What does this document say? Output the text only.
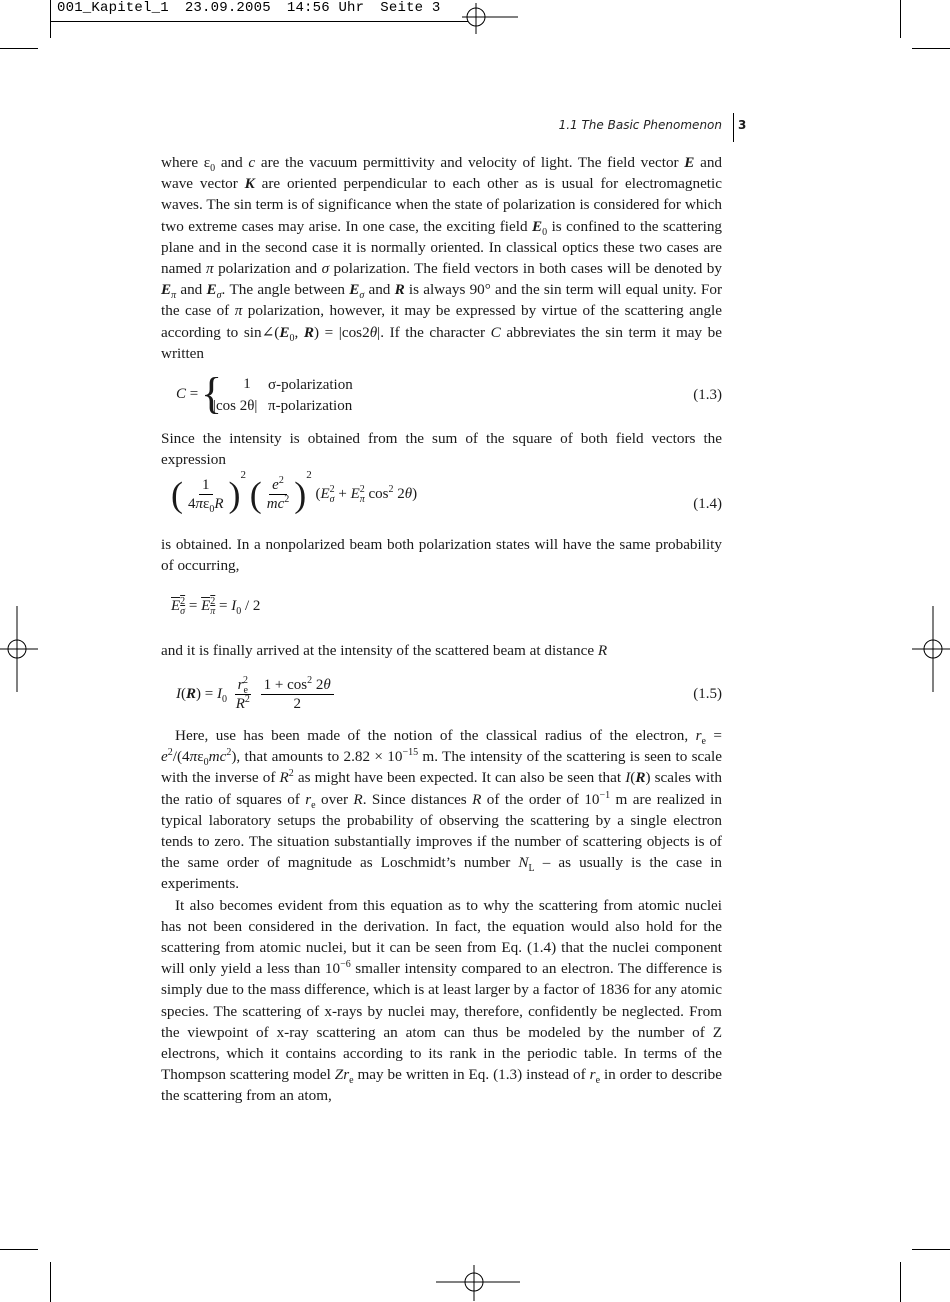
001_Kapitel_1 23.09.2005 14:56 Uhr Seite 3
1.1 The Basic Phenomenon 3
where $\varepsilon_0$ and c are the vacuum permittivity and velocity of light. The field vector E and wave vector K are oriented perpendicular to each other as is usual for electromagnetic waves. The sin term is of significance when the state of polarization is considered for which two extreme cases may arise. In one case, the exciting field $E_0$ is confined to the scattering plane and in the second case it is normally oriented. In classical optics these two cases are named π polarization and σ polarization. The field vectors in both cases will be denoted by $E_\pi$ and $E_\sigma$. The angle between $E_\sigma$ and R is always 90° and the sin term will equal unity. For the case of π polarization, however, it may be expressed by virtue of the scattering angle according to $\sin\angle(E_0$, R) = |cos2θ|. If the character C abbreviates the sin term it may be written
C = {	1	σ-polarization
|cos 2θ| π-polarization
(1.3)
Since the intensity is obtained from the sum of the square of both field vectors the expression
( $\frac{1}{4\pi\varepsilon_0R} )^2$ ( $\frac{e^2}{mc^2} )^2$ ($E_\sigma^2 + E_\pi^2$ $\cos^2 2\theta$)
(1.4)
is obtained. In a nonpolarized beam both polarization states will have the same probability of occurring,
$E_\sigma^2 = E_\pi^2 = I_0 / 2$
and it is finally arrived at the intensity of the scattered beam at distance R
$I(R) = I_0 \frac{r_e^2}{R^2}$
$\frac{1 + \cos^2 2\theta}{2}$	(1.5)

Here, use has been made of the notion of the classical radius of the electron, $r_e = e^2/(4\pi\varepsilon_0mc^2)$, that amounts to $2.82 \times 10^{-15}$ m. The intensity of the scattering is seen to scale with the inverse of $R^2$ as might have been expected. It can also be seen that I(R) scales with the ratio of squares of $r_e$ over R. Since distances R of the order of $10^{-1}$ m are realized in typical laboratory setups the probability of observing the scattering by a single electron tends to zero. The situation substantially improves if the number of scattering objects is of the same order of magnitude as Loschmidt’s number $N_L$ – as usually is the case in experiments.

It also becomes evident from this equation as to why the scattering from atomic nuclei has not been considered in the derivation. In fact, the equation would also hold for the scattering from atomic nuclei, but it can be seen from Eq. (1.4) that the nuclei component will only yield a less than $10^{-6}$ smaller intensity compared to an electron. The difference is simply due to the mass difference, which is at least larger by a factor of 1836 for any atomic species. The scattering of x-rays by nuclei may, therefore, confidently be neglected. From the viewpoint of x-ray scattering an atom can thus be modeled by the number of Z electrons, which it contains according to its rank in the periodic table. In terms of the Thompson scattering model $Zr_e$ may be written in Eq. (1.3) instead of $r_e$ in order to describe the scattering from an atom,
